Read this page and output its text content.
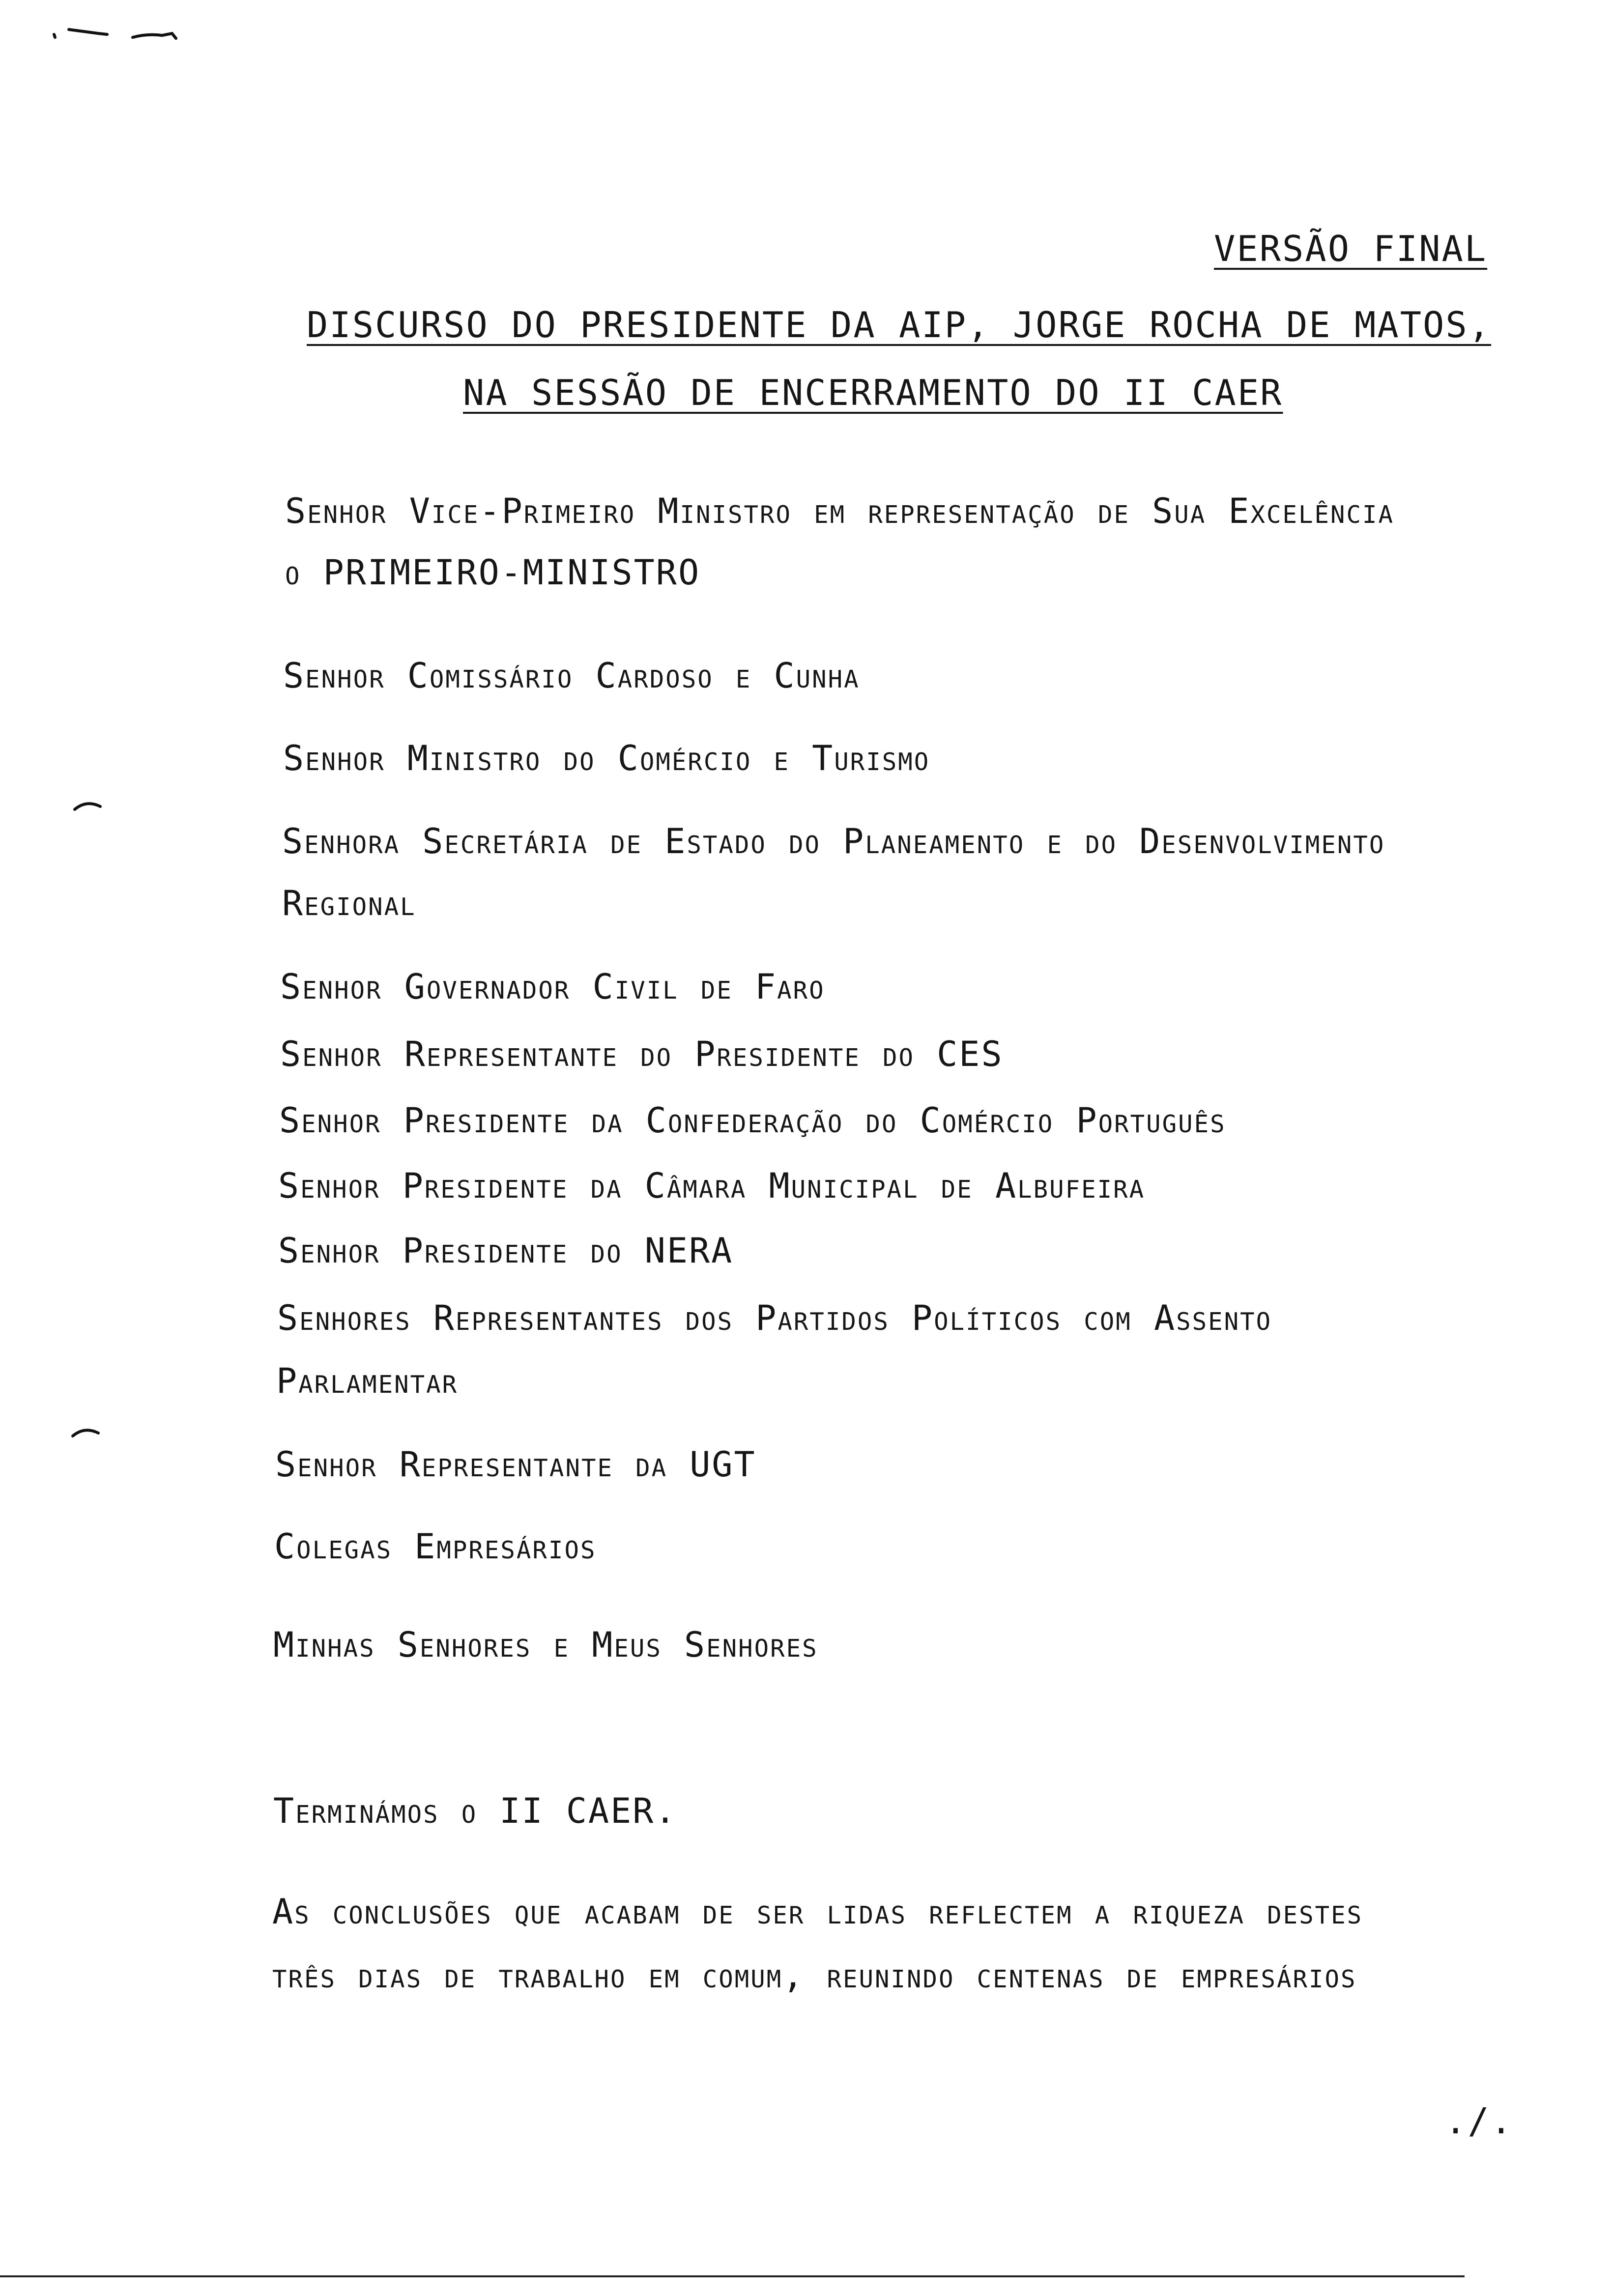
VERSÃO FINAL
DISCURSO DO PRESIDENTE DA AIP, JORGE ROCHA DE MATOS,
NA SESSÃO DE ENCERRAMENTO DO II CAER

Senhor Vice-Primeiro Ministro em representação de Sua Excelência

o PRIMEIRO-MINISTRO

Senhor Comissário Cardoso e Cunha

Senhor Ministro do Comércio e Turismo

Senhora Secretária de Estado do Planeamento e do Desenvolvimento

Regional

Senhor Governador Civil de Faro

Senhor Representante do Presidente do CES

Senhor Presidente da Confederação do Comércio Português

Senhor Presidente da Câmara Municipal de Albufeira

Senhor Presidente do NERA

Senhores Representantes dos Partidos Políticos com Assento

Parlamentar

Senhor Representante da UGT

Colegas Empresários

Minhas Senhores e Meus Senhores

Terminámos o II CAER.

As conclusões que acabam de ser lidas reflectem a riqueza destes

três dias de trabalho em comum, reunindo centenas de empresários

./.
